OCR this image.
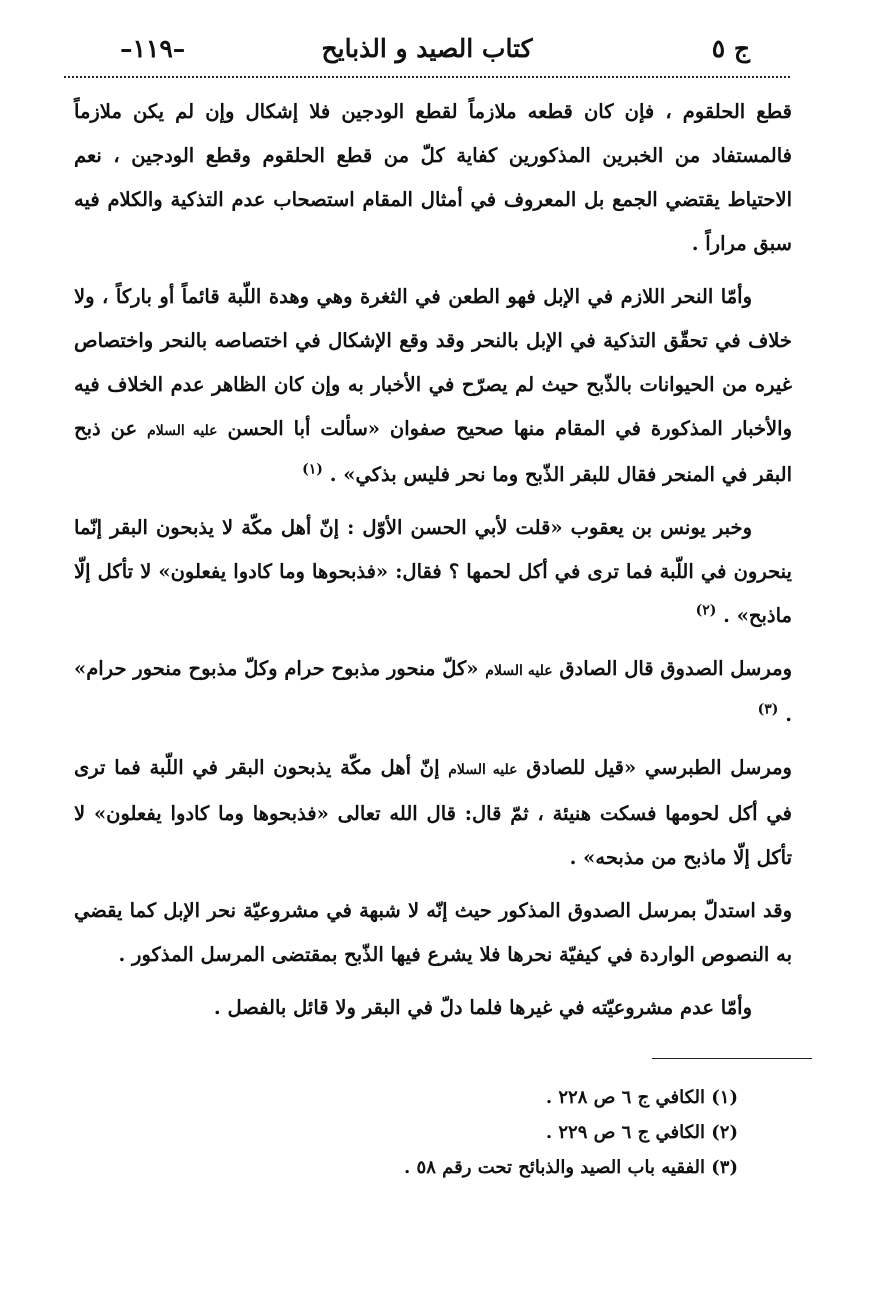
ج ٥
كتاب الصيد و الذبايح
–١١٩–

قطع الحلقوم ، فإن كان قطعه ملازماً لقطع الودجين فلا إشكال وإن لم يكن ملازماً فالمستفاد من الخبرين المذكورين كفاية كلّ من قطع الحلقوم وقطع الودجين ، نعم الاحتياط يقتضي الجمع بل المعروف في أمثال المقام استصحاب عدم التذكية والكلام فيه سبق مراراً .

وأمّا النحر اللازم في الإبل فهو الطعن في الثغرة وهي وهدة اللّبة قائماً أو باركاً ، ولا خلاف في تحقّق التذكية في الإبل بالنحر وقد وقع الإشكال في اختصاصه بالنحر واختصاص غيره من الحيوانات بالذّبح حيث لم يصرّح في الأخبار به وإن كان الظاهر عدم الخلاف فيه والأخبار المذكورة في المقام منها صحيح صفوان «سألت أبا الحسن عليه السلام عن ذبح البقر في المنحر فقال للبقر الذّبح وما نحر فليس بذكي» . $^{(١)}$

وخبر يونس بن يعقوب «قلت لأبي الحسن الأوّل : إنّ أهل مكّة لا يذبحون البقر إنّما ينحرون في اللّبة فما ترى في أكل لحمها ؟ فقال: «فذبحوها وما كادوا يفعلون» لا تأكل إلّا ماذبح» . $^{(٢)}$

ومرسل الصدوق قال الصادق عليه السلام «كلّ منحور مذبوح حرام وكلّ مذبوح منحور حرام» . $^{(٣)}$

ومرسل الطبرسي «قيل للصادق عليه السلام إنّ أهل مكّة يذبحون البقر في اللّبة فما ترى في أكل لحومها فسكت هنيئة ، ثمّ قال: قال الله تعالى «فذبحوها وما كادوا يفعلون» لا تأكل إلّا ماذبح من مذبحه» .

وقد استدلّ بمرسل الصدوق المذكور حيث إنّه لا شبهة في مشروعيّة نحر الإبل كما يقضي به النصوص الواردة في كيفيّة نحرها فلا يشرع فيها الذّبح بمقتضى المرسل المذكور .

وأمّا عدم مشروعيّته في غيرها فلما دلّ في البقر ولا قائل بالفصل .

(١) الكافي ج ٦ ص ٢٢٨ .

(٢) الكافي ج ٦ ص ٢٢٩ .

(٣) الفقيه باب الصيد والذبائح تحت رقم ٥٨ .
